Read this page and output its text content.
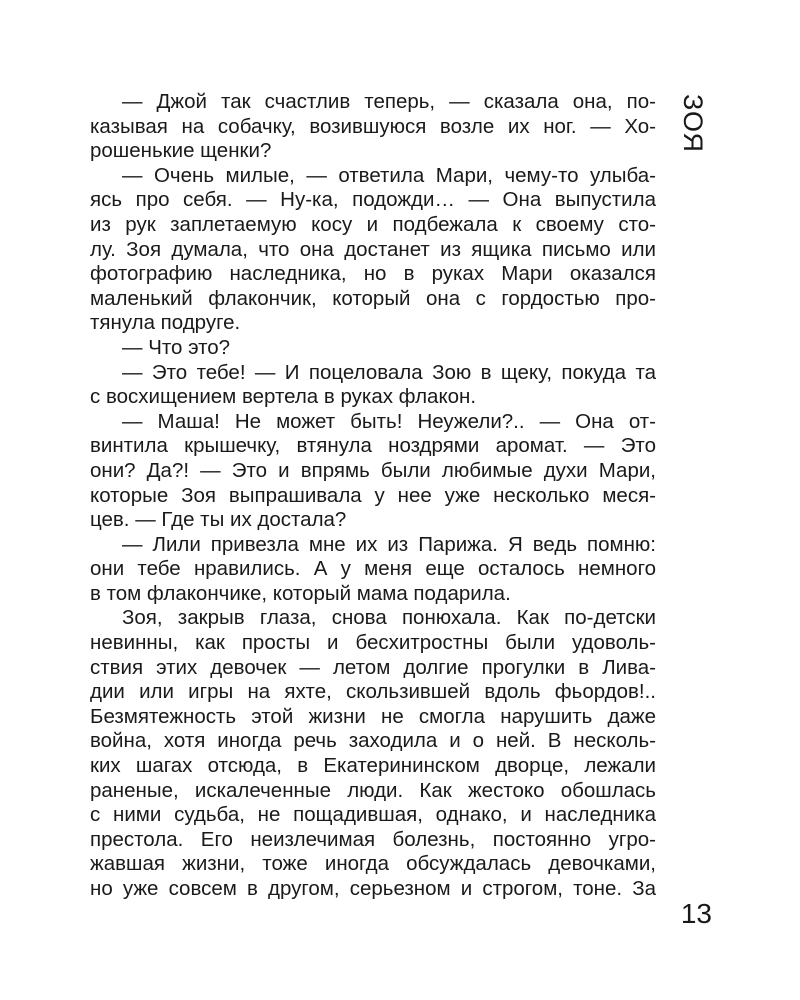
ЗОЯ
— Джой так счастлив теперь, — сказала она, по-
казывая на собачку, возившуюся возле их ног. — Хо-
рошенькие щенки?
— Очень милые, — ответила Мари, чему-то улыба-
ясь про себя. — Ну-ка, подожди… — Она выпустила
из рук заплетаемую косу и подбежала к своему сто-
лу. Зоя думала, что она достанет из ящика письмо или
фотографию наследника, но в руках Мари оказался
маленький флакончик, который она с гордостью про-
тянула подруге.
— Что это?
— Это тебе! — И поцеловала Зою в щеку, покуда та
с восхищением вертела в руках флакон.
— Маша! Не может быть! Неужели?.. — Она от-
винтила крышечку, втянула ноздрями аромат. — Это
они? Да?! — Это и впрямь были любимые духи Мари,
которые Зоя выпрашивала у нее уже несколько меся-
цев. — Где ты их достала?
— Лили привезла мне их из Парижа. Я ведь помню:
они тебе нравились. А у меня еще осталось немного
в том флакончике, который мама подарила.
Зоя, закрыв глаза, снова понюхала. Как по-детски
невинны, как просты и бесхитростны были удоволь-
ствия этих девочек — летом долгие прогулки в Лива-
дии или игры на яхте, скользившей вдоль фьордов!..
Безмятежность этой жизни не смогла нарушить даже
война, хотя иногда речь заходила и о ней. В несколь-
ких шагах отсюда, в Екатерининском дворце, лежали
раненые, искалеченные люди. Как жестоко обошлась
с ними судьба, не пощадившая, однако, и наследника
престола. Его неизлечимая болезнь, постоянно угро-
жавшая жизни, тоже иногда обсуждалась девочками,
но уже совсем в другом, серьезном и строгом, тоне. За
13
